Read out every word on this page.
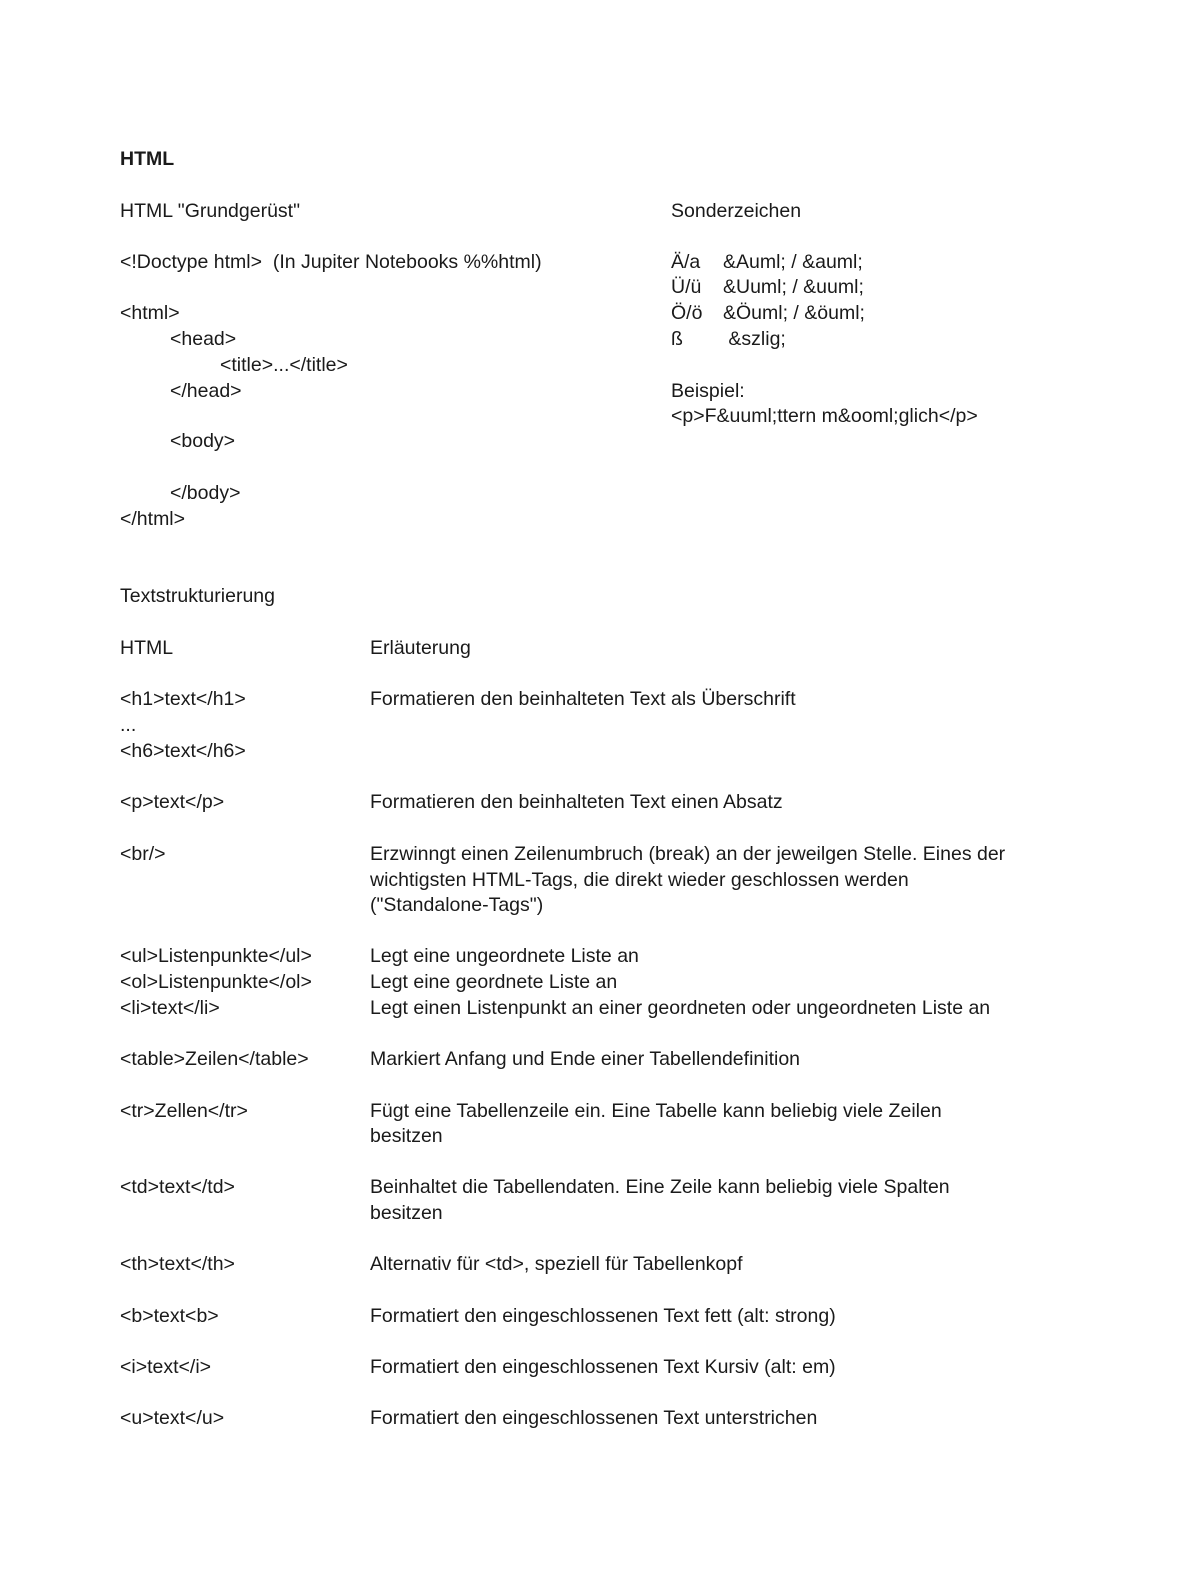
HTML
HTML "Grundgerüst"
<!Doctype html>  (In Jupiter Notebooks %%html)
<html>
<head>
<title>...</title>
</head>
<body>
</body>
</html>
Sonderzeichen
Ä/a &Auml; / &auml;
Ü/ü &Uuml; / &uuml;
Ö/ö &Öuml; / &öuml;
ß &szlig;
Beispiel:
<p>F&uuml;ttern m&ooml;glich</p>
Textstrukturierung
HTML	Erläuterung
<h1>text</h1>	Formatieren den beinhalteten Text als Überschrift
...
<h6>text</h6>
<p>text</p>	Formatieren den beinhalteten Text einen Absatz
<br/>	Erzwinngt einen Zeilenumbruch (break) an der jeweilgen Stelle. Eines der
wichtigsten HTML-Tags, die direkt wieder geschlossen werden
("Standalone-Tags")
<ul>Listenpunkte</ul>	Legt eine ungeordnete Liste an
<ol>Listenpunkte</ol>	Legt eine geordnete Liste an
<li>text</li>	Legt einen Listenpunkt an einer geordneten oder ungeordneten Liste an
<table>Zeilen</table>	Markiert Anfang und Ende einer Tabellendefinition
<tr>Zellen</tr>	Fügt eine Tabellenzeile ein. Eine Tabelle kann beliebig viele Zeilen
besitzen
<td>text</td>	Beinhaltet die Tabellendaten. Eine Zeile kann beliebig viele Spalten
besitzen
<th>text</th>	Alternativ für <td>, speziell für Tabellenkopf
<b>text<b>	Formatiert den eingeschlossenen Text fett (alt: strong)
<i>text</i>	Formatiert den eingeschlossenen Text Kursiv (alt: em)
<u>text</u>	Formatiert den eingeschlossenen Text unterstrichen
